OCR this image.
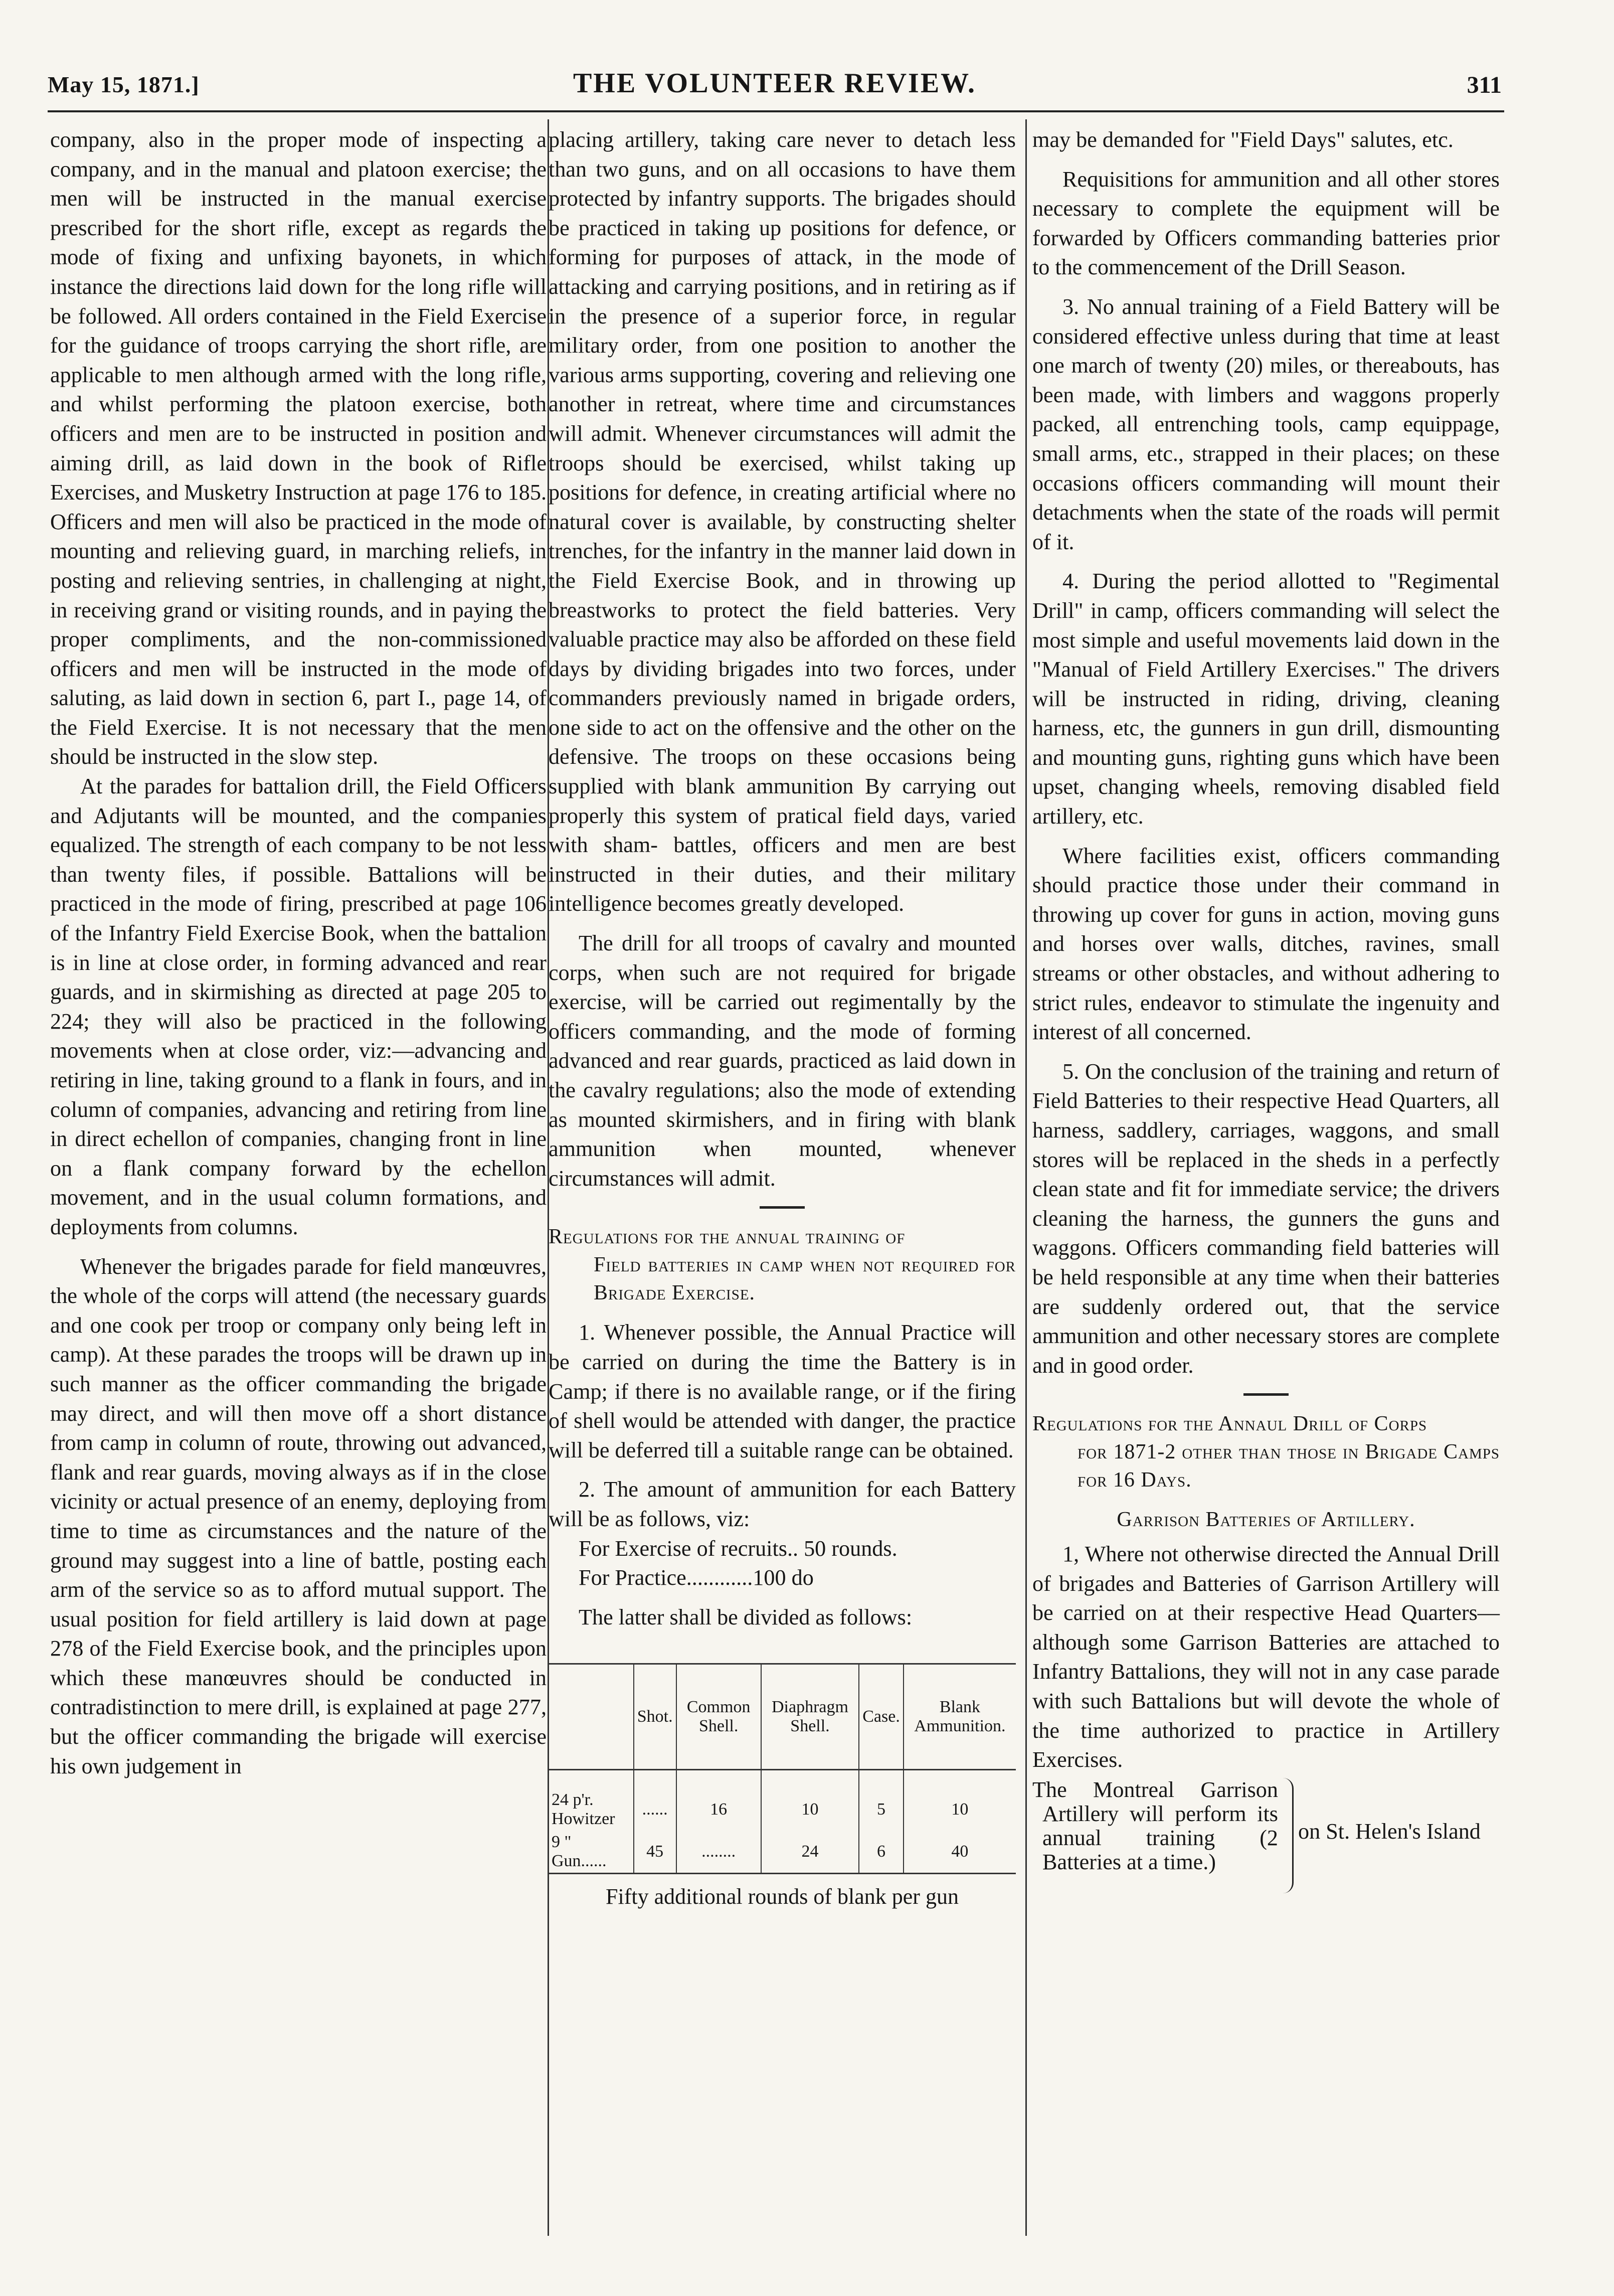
May 15, 1871.]	THE VOLUNTEER REVIEW.	311

company, also in the proper mode of inspecting a company, and in the manual and platoon exercise; the men will be instructed in the manual exercise prescribed for the short rifle, except as regards the mode of fixing and unfixing bayonets, in which instance the directions laid down for the long rifle will be followed. All orders contained in the Field Exercise for the guidance of troops carrying the short rifle, are applicable to men although armed with the long rifle, and whilst performing the platoon exercise, both officers and men are to be instructed in position and aiming drill, as laid down in the book of Rifle Exercises, and Musketry Instruction at page 176 to 185. Officers and men will also be practiced in the mode of mounting and relieving guard, in marching reliefs, in posting and relieving sentries, in challenging at night, in receiving grand or visiting rounds, and in paying the proper compliments, and the non-commissioned officers and men will be instructed in the mode of saluting, as laid down in section 6, part I., page 14, of the Field Exercise. It is not necessary that the men should be instructed in the slow step.

At the parades for battalion drill, the Field Officers and Adjutants will be mounted, and the companies equalized. The strength of each company to be not less than twenty files, if possible. Battalions will be practiced in the mode of firing, prescribed at page 106 of the Infantry Field Exercise Book, when the battalion is in line at close order, in forming advanced and rear guards, and in skirmishing as directed at page 205 to 224; they will also be practiced in the following movements when at close order, viz:—advancing and retiring in line, taking ground to a flank in fours, and in column of companies, advancing and retiring from line in direct echellon of companies, changing front in line on a flank company forward by the echellon movement, and in the usual column formations, and deployments from columns.

Whenever the brigades parade for field manœuvres, the whole of the corps will attend (the necessary guards and one cook per troop or company only being left in camp). At these parades the troops will be drawn up in such manner as the officer commanding the brigade may direct, and will then move off a short distance from camp in column of route, throwing out advanced, flank and rear guards, moving always as if in the close vicinity or actual presence of an enemy, deploying from time to time as circumstances and the nature of the ground may suggest into a line of battle, posting each arm of the service so as to afford mutual support. The usual position for field artillery is laid down at page 278 of the Field Exercise book, and the principles upon which these manœuvres should be conducted in contradistinction to mere drill, is explained at page 277, but the officer commanding the brigade will exercise his own judgement in

placing artillery, taking care never to detach less than two guns, and on all occasions to have them protected by infantry supports. The brigades should be practiced in taking up positions for defence, or forming for purposes of attack, in the mode of attacking and carrying positions, and in retiring as if in the presence of a superior force, in regular military order, from one position to another the various arms supporting, covering and relieving one another in retreat, where time and circumstances will admit. Whenever circumstances will admit the troops should be exercised, whilst taking up positions for defence, in creating artificial where no natural cover is available, by constructing shelter trenches, for the infantry in the manner laid down in the Field Exercise Book, and in throwing up breastworks to protect the field batteries. Very valuable practice may also be afforded on these field days by dividing brigades into two forces, under commanders previously named in brigade orders, one side to act on the offensive and the other on the defensive. The troops on these occasions being supplied with blank ammunition By carrying out properly this system of pratical field days, varied with sham- battles, officers and men are best instructed in their duties, and their military intelligence becomes greatly developed.

The drill for all troops of cavalry and mounted corps, when such are not required for brigade exercise, will be carried out regimentally by the officers commanding, and the mode of forming advanced and rear guards, practiced as laid down in the cavalry regulations; also the mode of extending as mounted skirmishers, and in firing with blank ammunition when mounted, whenever circumstances will admit.

Regulations for the annual training of
Field batteries in camp when not required for Brigade Exercise.

1. Whenever possible, the Annual Practice will be carried on during the time the Battery is in Camp; if there is no available range, or if the firing of shell would be attended with danger, the practice will be deferred till a suitable range can be obtained.

2. The amount of ammunition for each Battery will be as follows, viz:

For Exercise of recruits.. 50 rounds.
For Practice............100 do

The latter shall be divided as follows:

	Shot.	Common Shell.	Diaphragm Shell.	Case.	Blank Ammunition.
24 p'r. Howitzer	......	16	10	5	10
9 " Gun......	45	........	24	6	40
Fifty additional rounds of blank per gun					

may be demanded for "Field Days" salutes, etc.

Requisitions for ammunition and all other stores necessary to complete the equipment will be forwarded by Officers commanding batteries prior to the commencement of the Drill Season.

3. No annual training of a Field Battery will be considered effective unless during that time at least one march of twenty (20) miles, or thereabouts, has been made, with limbers and waggons properly packed, all entrenching tools, camp equippage, small arms, etc., strapped in their places; on these occasions officers commanding will mount their detachments when the state of the roads will permit of it.

4. During the period allotted to "Regimental Drill" in camp, officers commanding will select the most simple and useful movements laid down in the "Manual of Field Artillery Exercises." The drivers will be instructed in riding, driving, cleaning harness, etc, the gunners in gun drill, dismounting and mounting guns, righting guns which have been upset, changing wheels, removing disabled field artillery, etc.

Where facilities exist, officers commanding should practice those under their command in throwing up cover for guns in action, moving guns and horses over walls, ditches, ravines, small streams or other obstacles, and without adhering to strict rules, endeavor to stimulate the ingenuity and interest of all concerned.

5. On the conclusion of the training and return of Field Batteries to their respective Head Quarters, all harness, saddlery, carriages, waggons, and small stores will be replaced in the sheds in a perfectly clean state and fit for immediate service; the drivers cleaning the harness, the gunners the guns and waggons. Officers commanding field batteries will be held responsible at any time when their batteries are suddenly ordered out, that the service ammunition and other necessary stores are complete and in good order.

Regulations for the Annaul Drill of Corps
for 1871-2 other than those in Brigade Camps for 16 Days.
Garrison Batteries of Artillery.

1, Where not otherwise directed the Annual Drill of brigades and Batteries of Garrison Artillery will be carried on at their respective Head Quarters—although some Garrison Batteries are attached to Infantry Battalions, they will not in any case parade with such Battalions but will devote the whole of the time authorized to practice in Artillery Exercises.

The Montreal Garrison Artillery will perform its annual training (2 Batteries at a time.)
on St. Helen's Island
